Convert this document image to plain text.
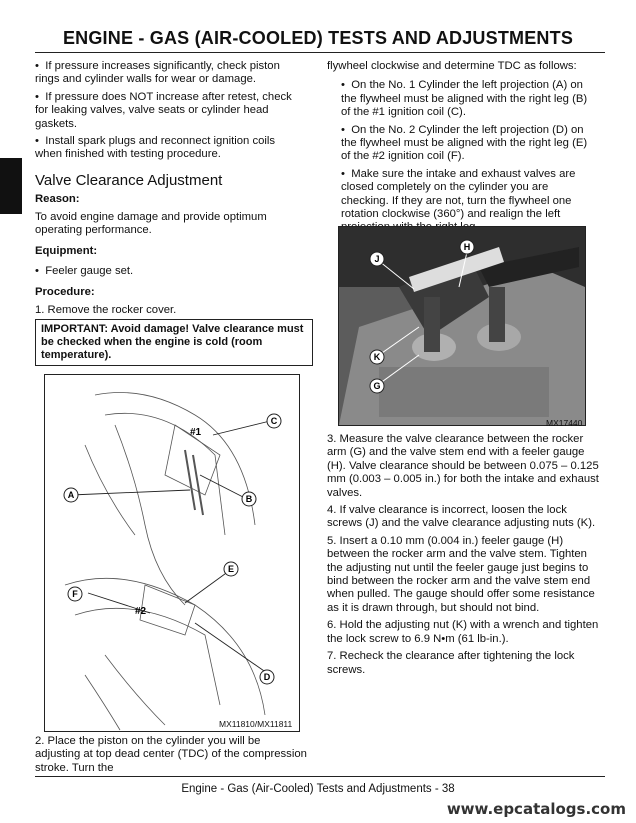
ENGINE - GAS (AIR-COOLED) TESTS AND ADJUSTMENTS

•  If pressure increases significantly, check piston rings and cylinder walls for wear or damage.

•  If pressure does NOT increase after retest, check for leaking valves, valve seats or cylinder head gaskets.

•  Install spark plugs and reconnect ignition coils when finished with testing procedure.

Valve Clearance Adjustment

Reason:

To avoid engine damage and provide optimum operating performance.

Equipment:

•  Feeler gauge set.

Procedure:

1. Remove the rocker cover.

IMPORTANT: Avoid damage! Valve clearance must be checked when the engine is cold (room temperature).
A	B
C
D
E
F
#1
#2
MX11810/MX11811
2. Place the piston on the cylinder you will be adjusting at top dead center (TDC) of the compression stroke. Turn the

flywheel clockwise and determine TDC as follows:

•  On the No. 1 Cylinder the left projection (A) on the flywheel must be aligned with the right leg (B) of the #1 ignition coil (C).

•  On the No. 2 Cylinder the left projection (D) on the flywheel must be aligned with the right leg (E) of the #2 ignition coil (F).

•  Make sure the intake and exhaust valves are closed completely on the cylinder you are checking. If they are not, turn the flywheel one rotation clockwise (360°) and realign the left

H
J
K
G
MX17440

3. Measure the valve clearance between the rocker arm (G) and the valve stem end with a feeler gauge (H). Valve clearance should be between 0.075 – 0.125 mm (0.003 – 0.005 in.) for both the intake and exhaust valves.

4. If valve clearance is incorrect, loosen the lock screws (J) and the valve clearance adjusting nuts (K).

5. Insert a 0.10 mm (0.004 in.) feeler gauge (H) between the rocker arm and the valve stem. Tighten the adjusting nut until the feeler gauge just begins to bind between the rocker arm and the valve stem end when pulled. The gauge should offer some resistance as it is drawn through, but should not bind.

6. Hold the adjusting nut (K) with a wrench and tighten the lock screw to 6.9 N•m (61 lb-in.).

7. Recheck the clearance after tightening the lock screws.

Engine - Gas (Air-Cooled) Tests and Adjustments - 38
www.epcatalogs.com
